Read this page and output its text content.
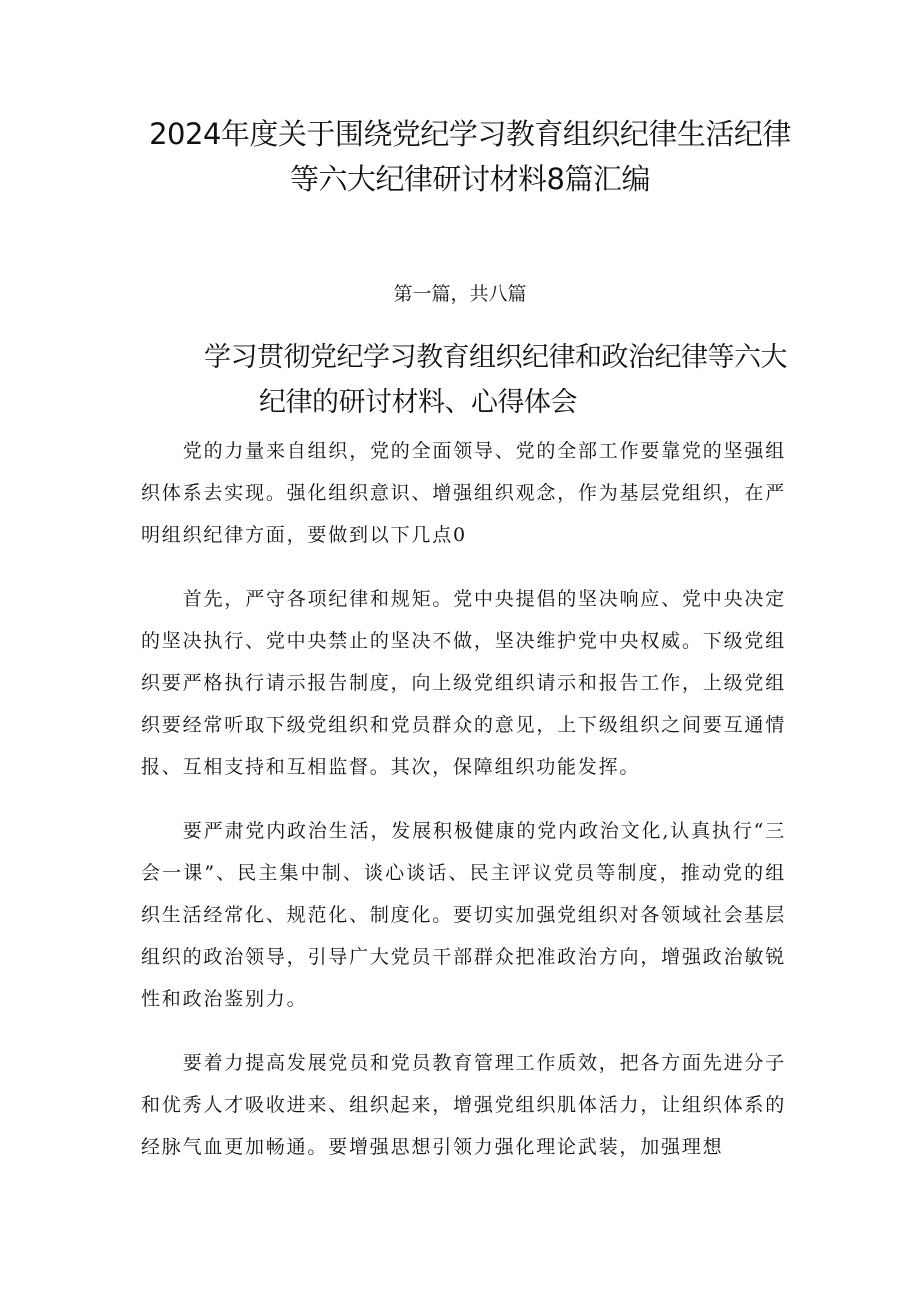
2024年度关于围绕党纪学习教育组织纪律生活纪律
等六大纪律研讨材料8篇汇编

第一篇，共八篇

学习贯彻党纪学习教育组织纪律和政治纪律等六大
纪律的研讨材料、心得体会

党的力量来自组织，党的全面领导、党的全部工作要靠党的坚强组织体系去实现。强化组织意识、增强组织观念，作为基层党组织，在严明组织纪律方面，要做到以下几点0

首先，严守各项纪律和规矩。党中央提倡的坚决响应、党中央决定的坚决执行、党中央禁止的坚决不做，坚决维护党中央权威。下级党组织要严格执行请示报告制度，向上级党组织请示和报告工作，上级党组织要经常听取下级党组织和党员群众的意见，上下级组织之间要互通情报、互相支持和互相监督。其次，保障组织功能发挥。

要严肃党内政治生活，发展积极健康的党内政治文化,认真执行“三会一课”、民主集中制、谈心谈话、民主评议党员等制度，推动党的组织生活经常化、规范化、制度化。要切实加强党组织对各领域社会基层组织的政治领导，引导广大党员干部群众把准政治方向，增强政治敏锐性和政治鉴别力。

要着力提高发展党员和党员教育管理工作质效，把各方面先进分子和优秀人才吸收进来、组织起来，增强党组织肌体活力，让组织体系的经脉气血更加畅通。要增强思想引领力强化理论武装，加强理想
